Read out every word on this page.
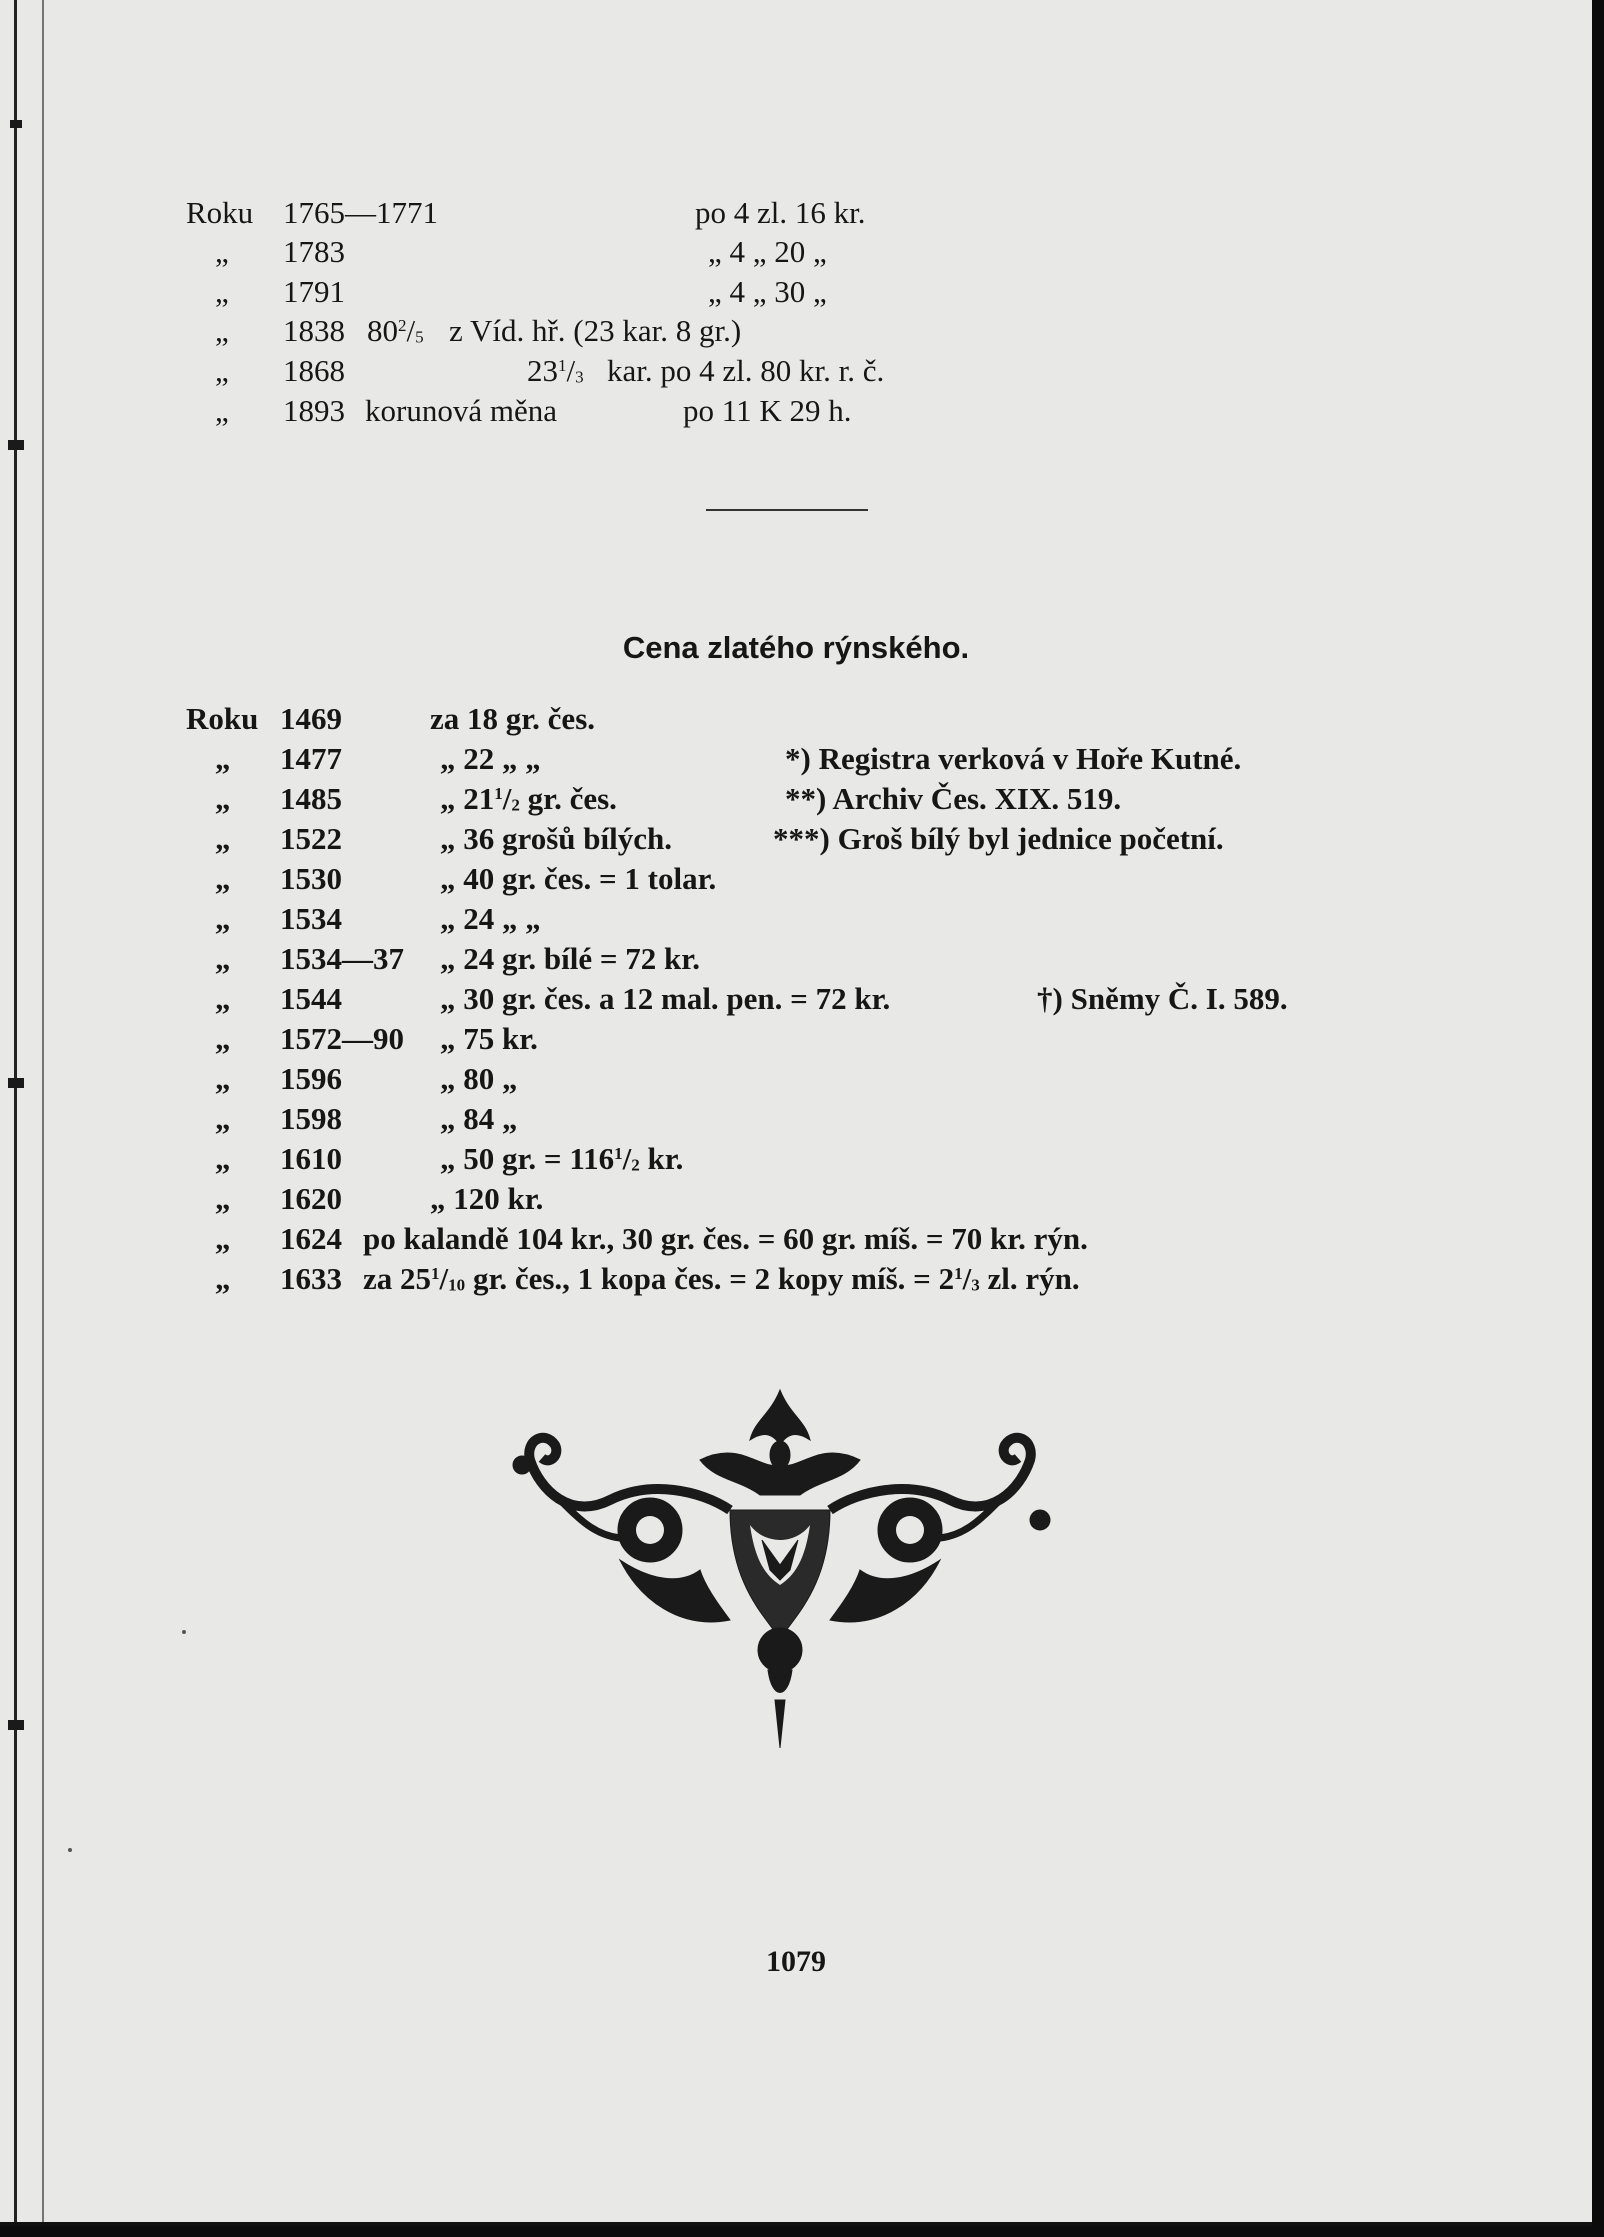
Roku 1765—1771	po 4 zl. 16 kr.
„ 1783	„ 4 „ 20 „
„ 1791	„ 4 „ 30 „
„ 1838 $80^2/_5$ z Víd. hř. (23 kar. 8 gr.)
„ 1868	$23^1/_3$ kar. po 4 zl. 80 kr. r. č.
„ 1893 korunová měna	po 11 K 29 h.
Cena zlatého rýnského.
Roku 1469	za 18 gr. čes.
„ 1477	„ 22 „ „	*) Registra verková v Hoře Kutné.
„ 1485	„ $21^1/_2$ gr. čes.	**) Archiv Čes. XIX. 519.
„ 1522	„ 36 grošů bílých.	***) Groš bílý byl jednice početní.
„ 1530	„ 40 gr. čes. = 1 tolar.
„ 1534	„ 24 „ „
„ 1534—37 „ 24 gr. bílé = 72 kr.
„ 1544	„ 30 gr. čes. a 12 mal. pen. = 72 kr.	†) Sněmy Č. I. 589.
„ 1572—90 „ 75 kr.
„ 1596	„ 80 „
„ 1598	„ 84 „
„ 1610	„ 50 gr. = $116^1/_2$ kr.
„ 1620	„ 120 kr.
„ 1624 po kalandě 104 kr., 30 gr. čes. = 60 gr. míš. = 70 kr. rýn.
„ 1633 za $25^1/_{10}$ gr. čes., 1 kopa čes. = 2 kopy míš. = $2^1/_3$ zl. rýn.
1079
